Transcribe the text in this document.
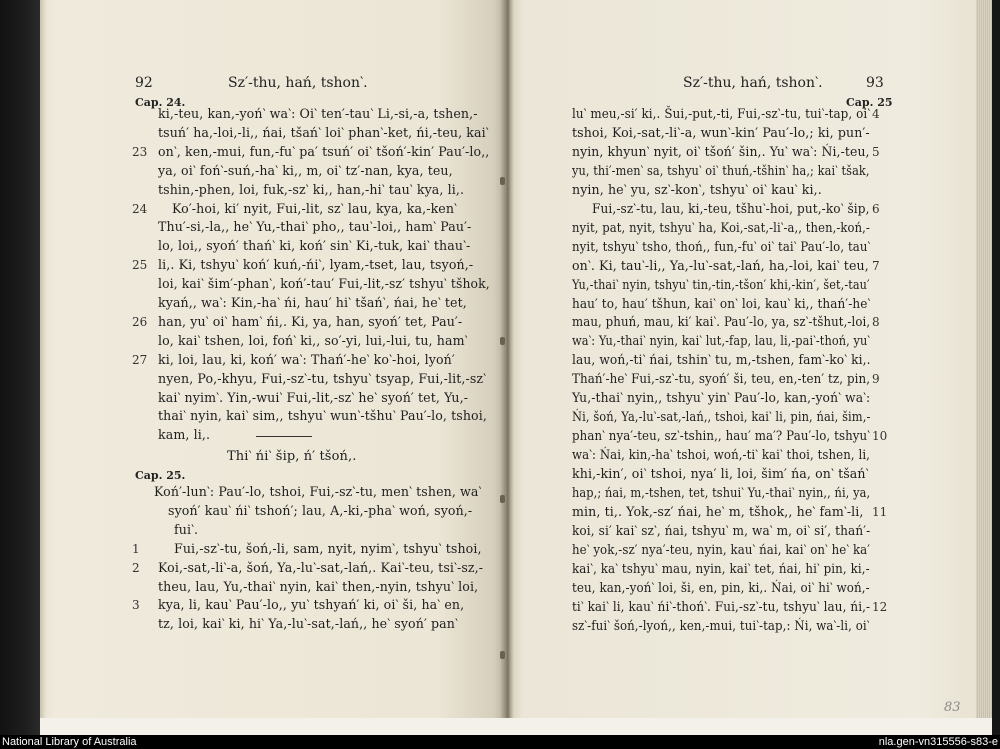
92	Sz′-thu, hań, tshon‵.
Cap. 24.
ki,-teu, kan,-yoń‵ wa‵: Oi‵ ten′-tau‵ Li,-si,-a, tshen,-
tsuń′ ha,-loi,-li,, ńai, tšań‵ loi‵ phan‵-ket, ńi,-teu, kai‵
23 on‵, ken,-mui, fun,-fu‵ pa′ tsuń′ oi‵ tšoń′-kin′ Pau′-lo,,
ya, oi‵ foń‵-suń,-ha‵ ki,, m, oi‵ tz′-nan, kya, teu,
tshin,-phen, loi, fuk,-sz‵ ki,, han,-hi‵ tau‵ kya, li,.
24 Ko′-hoi, ki′ nyit, Fui,-lit, sz‵ lau, kya, ka,-ken‵
Thu′-si,-la,, he‵ Yu,-thai‵ pho,, tau‵-loi,, ham‵ Pau′-
lo, loi,, syoń′ thań‵ ki, koń′ sin‵ Ki,-tuk, kai‵ thau‵-
25 li,. Ki, tshyu‵ koń′ kuń,-ńi‵, lyam,-tset, lau, tsyoń,-
loi, kai‵ šim′-phan‵, koń′-tau′ Fui,-lit,-sz′ tshyu‵ tšhok,
kyań,, wa‵: Kin,-ha‵ ńi, hau′ hi‵ tšań‵, ńai, he‵ tet,
26 han, yu‵ oi‵ ham‵ ńi,. Ki, ya, han, syoń′ tet, Pau′-
lo, kai‵ tshen, loi, foń‵ ki,, so′-yi, lui,-lui, tu, ham‵
27 ki, loi, lau, ki, koń′ wa‵: Thań′-he‵ ko‵-hoi, lyoń′
nyen, Po,-khyu, Fui,-sz‵-tu, tshyu‵ tsyap, Fui,-lit,-sz‵
kai‵ nyim‵. Yin,-wui‵ Fui,-lit,-sz‵ he‵ syoń′ tet, Yu,-
thai‵ nyin, kai‵ sim,, tshyu‵ wun‵-tšhu‵ Pau′-lo, tshoi,
kam, li,.
Thi‵ ńi‵ šip, ń′ tšoń,.
Cap. 25.
Koń′-lun‵: Pau′-lo, tshoi, Fui,-sz‵-tu, men‵ tshen, wa‵
syoń′ kau‵ ńi‵ tshoń′; lau, A,-ki,-pha‵ woń, syoń,-
fui‵.
1	Fui,-sz‵-tu, šoń,-li, sam, nyit, nyim‵, tshyu‵ tshoi,
2 Koi,-sat,-li‵-a, šoń, Ya,-lu‵-sat,-lań,. Kai‵-teu, tsi‵-sz,-
theu, lau, Yu,-thai‵ nyin, kai‵ then,-nyin, tshyu‵ loi,
3 kya, li, kau‵ Pau′-lo,, yu‵ tshyań′ ki, oi‵ ši, ha‵ en,
tz, loi, kai‵ ki, hi‵ Ya,-lu‵-sat,-lań,, he‵ syoń′ pan‵
Sz′-thu, hań, tshon‵.	93
Cap. 25
4
lu‵ meu,-si′ ki,. Šui,-put,-ti, Fui,-sz‵-tu, tui‵-tap, oi‵
tshoi, Koi,-sat,-li‵-a, wun‵-kin′ Pau′-lo,; ki, pun′-
5
nyin, khyun‵ nyit, oi‵ tšoń′ šin,. Yu‵ wa‵: Ńi,-teu,
yu, thi′-men‵ sa, tshyu‵ oi‵ thuń,-tšhin‵ ha,; kai‵ tšak,
nyin, he‵ yu, sz‵-kon‵, tshyu‵ oi‵ kau‵ ki,.
6
Fui,-sz‵-tu, lau, ki,-teu, tšhu‵-hoi, put,-ko‵ šip,
nyit, pat, nyit, tshyu‵ ha, Koi,-sat,-li‵-a,, then,-koń,-
nyit, tshyu‵ tsho, thoń,, fun,-fu‵ oi‵ tai‵ Pau′-lo, tau‵
7
on‵. Ki, tau‵-li,, Ya,-lu‵-sat,-lań, ha,-loi, kai‵ teu,
Yu,-thai‵ nyin, tshyu‵ tin,-tin,-tšon′ khi,-kin′, šet,-tau′
hau′ to, hau′ tšhun, kai‵ on‵ loi, kau‵ ki,, thań′-he‵
8
mau, phuń, mau, ki′ kai‵. Pau′-lo, ya, sz‵-tšhut,-loi,
wa‵: Yu,-thai‵ nyin, kai‵ lut,-fap, lau, li,-pai‵-thoń, yu‵
lau, woń,-ti‵ ńai, tshin‵ tu, m,-tshen, fam‵-ko‵ ki,.
9
Thań′-he‵ Fui,-sz‵-tu, syoń′ ši, teu, en,-ten′ tz, pin,
Yu,-thai‵ nyin,, tshyu‵ yin‵ Pau′-lo, kan,-yoń‵ wa‵:
Ńi, šoń, Ya,-lu‵-sat,-lań,, tshoi, kai‵ li, pin, ńai, šim,-
10
phan‵ nya′-teu, sz‵-tshin,, hau′ ma′? Pau′-lo, tshyu‵
wa‵: Ńai, kin,-ha‵ tshoi, woń,-ti‵ kai‵ thoi, tshen, li,
khi,-kin′, oi‵ tshoi, nya′ li, loi, šim′ ńa, on‵ tšań‵
hap,; ńai, m,-tshen, tet, tshui‵ Yu,-thai‵ nyin,, ńi, ya,
11
min, ti,. Yok,-sz′ ńai, he‵ m, tšhok,, he‵ fam‵-li,
koi, si′ kai‵ sz‵, ńai, tshyu‵ m, wa‵ m, oi‵ si′, thań′-
he‵ yok,-sz′ nya′-teu, nyin, kau‵ ńai, kai‵ on‵ he‵ ka′
kai‵, ka‵ tshyu‵ mau, nyin, kai‵ tet, ńai, hi‵ pin, ki,-
teu, kan,-yoń‵ loi, ši, en, pin, ki,. Ńai, oi‵ hi‵ woń,-
12
ti‵ kai‵ li, kau‵ ńi‵-thoń‵. Fui,-sz‵-tu, tshyu‵ lau, ńi,-
sz‵-fui‵ šoń,-lyoń,, ken,-mui, tui‵-tap,: Ńi, wa‵-li, oi‵
83
National Library of Australia	nla.gen-vn315556-s83-e
